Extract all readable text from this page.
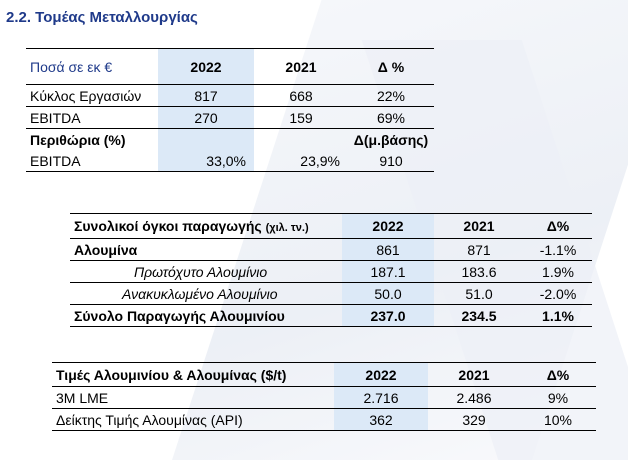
2.2. Τομέας Μεταλλουργίας
Ποσά σε εκ €	2022	2021	Δ %
Κύκλος Εργασιών	817	668	22%
EBITDA	270	159	69%
Περιθώρια (%)			Δ(μ.βάσης)
EBITDA	33,0%	23,9%	910
Συνολικοί όγκοι παραγωγής (χιλ. τν.)	2022	2021	Δ%
Αλουμίνα	861	871	-1.1%
Πρωτόχυτο Αλουμίνιο	187.1	183.6	1.9%
Ανακυκλωμένο Αλουμίνιο	50.0	51.0	-2.0%
Σύνολο Παραγωγής Αλουμινίου	237.0	234.5	1.1%
Τιμές Αλουμινίου & Αλουμίνας ($/t)	2022	2021	Δ%
3M LME	2.716	2.486	9%
Δείκτης Τιμής Αλουμίνας (API)	362	329	10%
